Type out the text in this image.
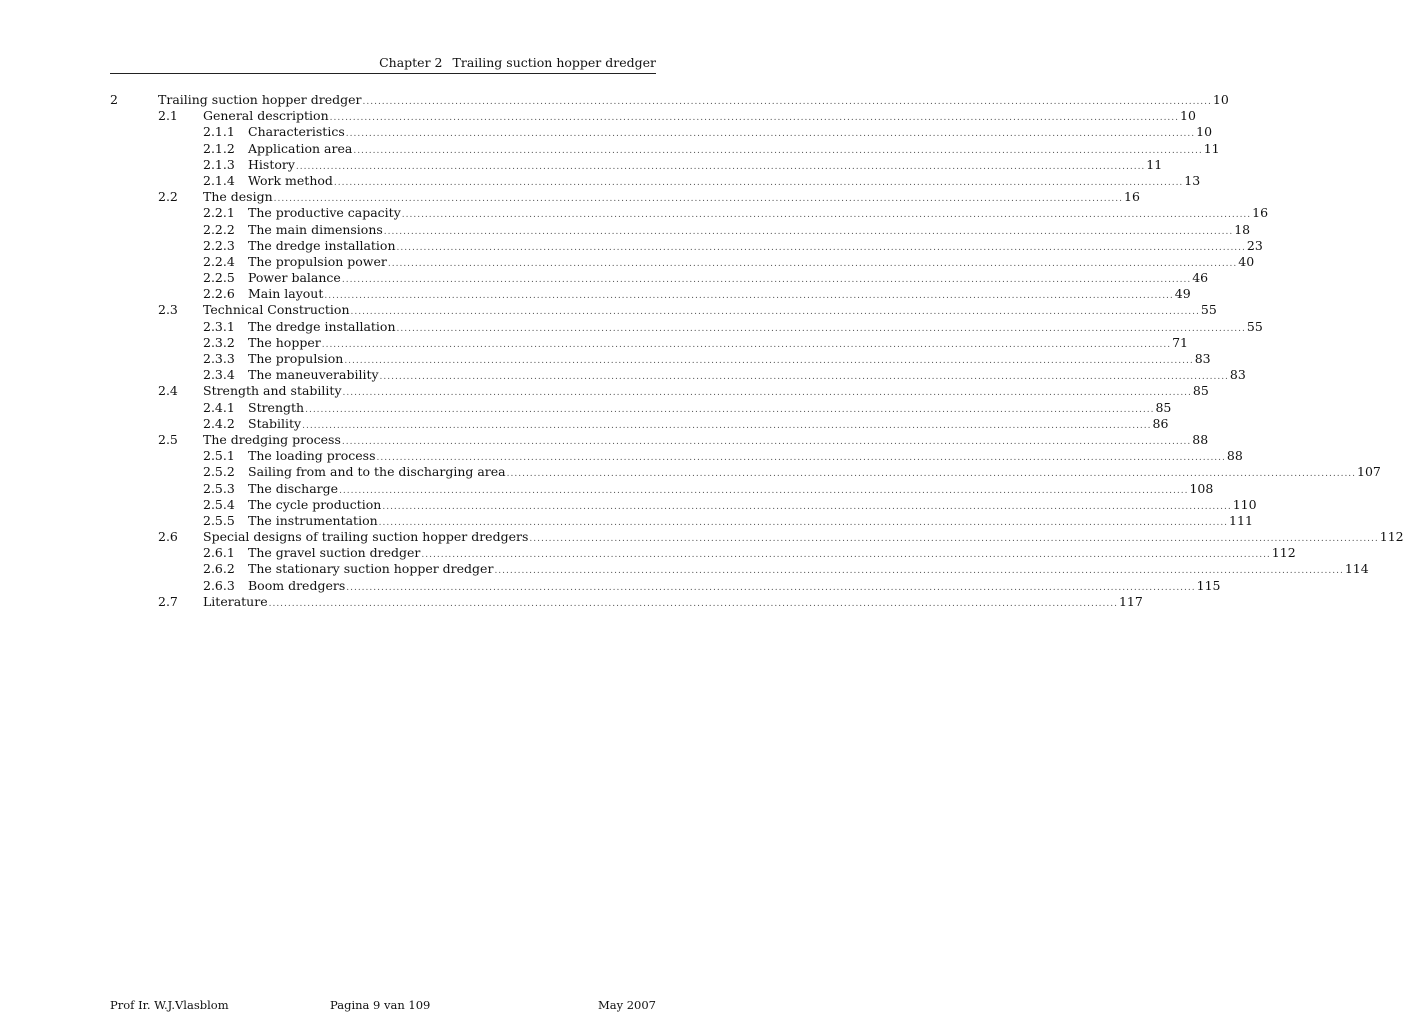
Chapter 2 Trailing suction hopper dredger
2	Trailing suction hopper dredger ............................................................................................................................................................................................................................ 10
2.1 General description ............................................................................................................................................................................................................................ 10
2.1.1 Characteristics ............................................................................................................................................................................................................................ 10
2.1.2 Application area ............................................................................................................................................................................................................................ 11
2.1.3 History ............................................................................................................................................................................................................................ 11
2.1.4 Work method ............................................................................................................................................................................................................................ 13
2.2 The design ............................................................................................................................................................................................................................ 16
2.2.1 The productive capacity ............................................................................................................................................................................................................................ 16
2.2.2 The main dimensions ............................................................................................................................................................................................................................ 18
2.2.3 The dredge installation ............................................................................................................................................................................................................................ 23
2.2.4 The propulsion power ............................................................................................................................................................................................................................ 40
2.2.5 Power balance ............................................................................................................................................................................................................................ 46
2.2.6 Main layout ............................................................................................................................................................................................................................ 49
2.3 Technical Construction ............................................................................................................................................................................................................................ 55
2.3.1 The dredge installation ............................................................................................................................................................................................................................ 55
2.3.2 The hopper ............................................................................................................................................................................................................................ 71
2.3.3 The propulsion ............................................................................................................................................................................................................................ 83
2.3.4 The maneuverability ............................................................................................................................................................................................................................ 83
2.4 Strength and stability ............................................................................................................................................................................................................................ 85
2.4.1 Strength ............................................................................................................................................................................................................................ 85
2.4.2 Stability ............................................................................................................................................................................................................................ 86
2.5 The dredging process ............................................................................................................................................................................................................................ 88
2.5.1 The loading process ............................................................................................................................................................................................................................ 88
2.5.2 Sailing from and to the discharging area ............................................................................................................................................................................................................................ 107
2.5.3 The discharge ............................................................................................................................................................................................................................ 108
2.5.4 The cycle production ............................................................................................................................................................................................................................ 110
2.5.5 The instrumentation ............................................................................................................................................................................................................................ 111
2.6 Special designs of trailing suction hopper dredgers ............................................................................................................................................................................................................................ 112
2.6.1 The gravel suction dredger ............................................................................................................................................................................................................................ 112
2.6.2 The stationary suction hopper dredger ............................................................................................................................................................................................................................ 114
2.6.3 Boom dredgers ............................................................................................................................................................................................................................ 115
2.7 Literature ............................................................................................................................................................................................................................ 117
Prof Ir. W.J.Vlasblom	Pagina 9 van 109	May 2007
